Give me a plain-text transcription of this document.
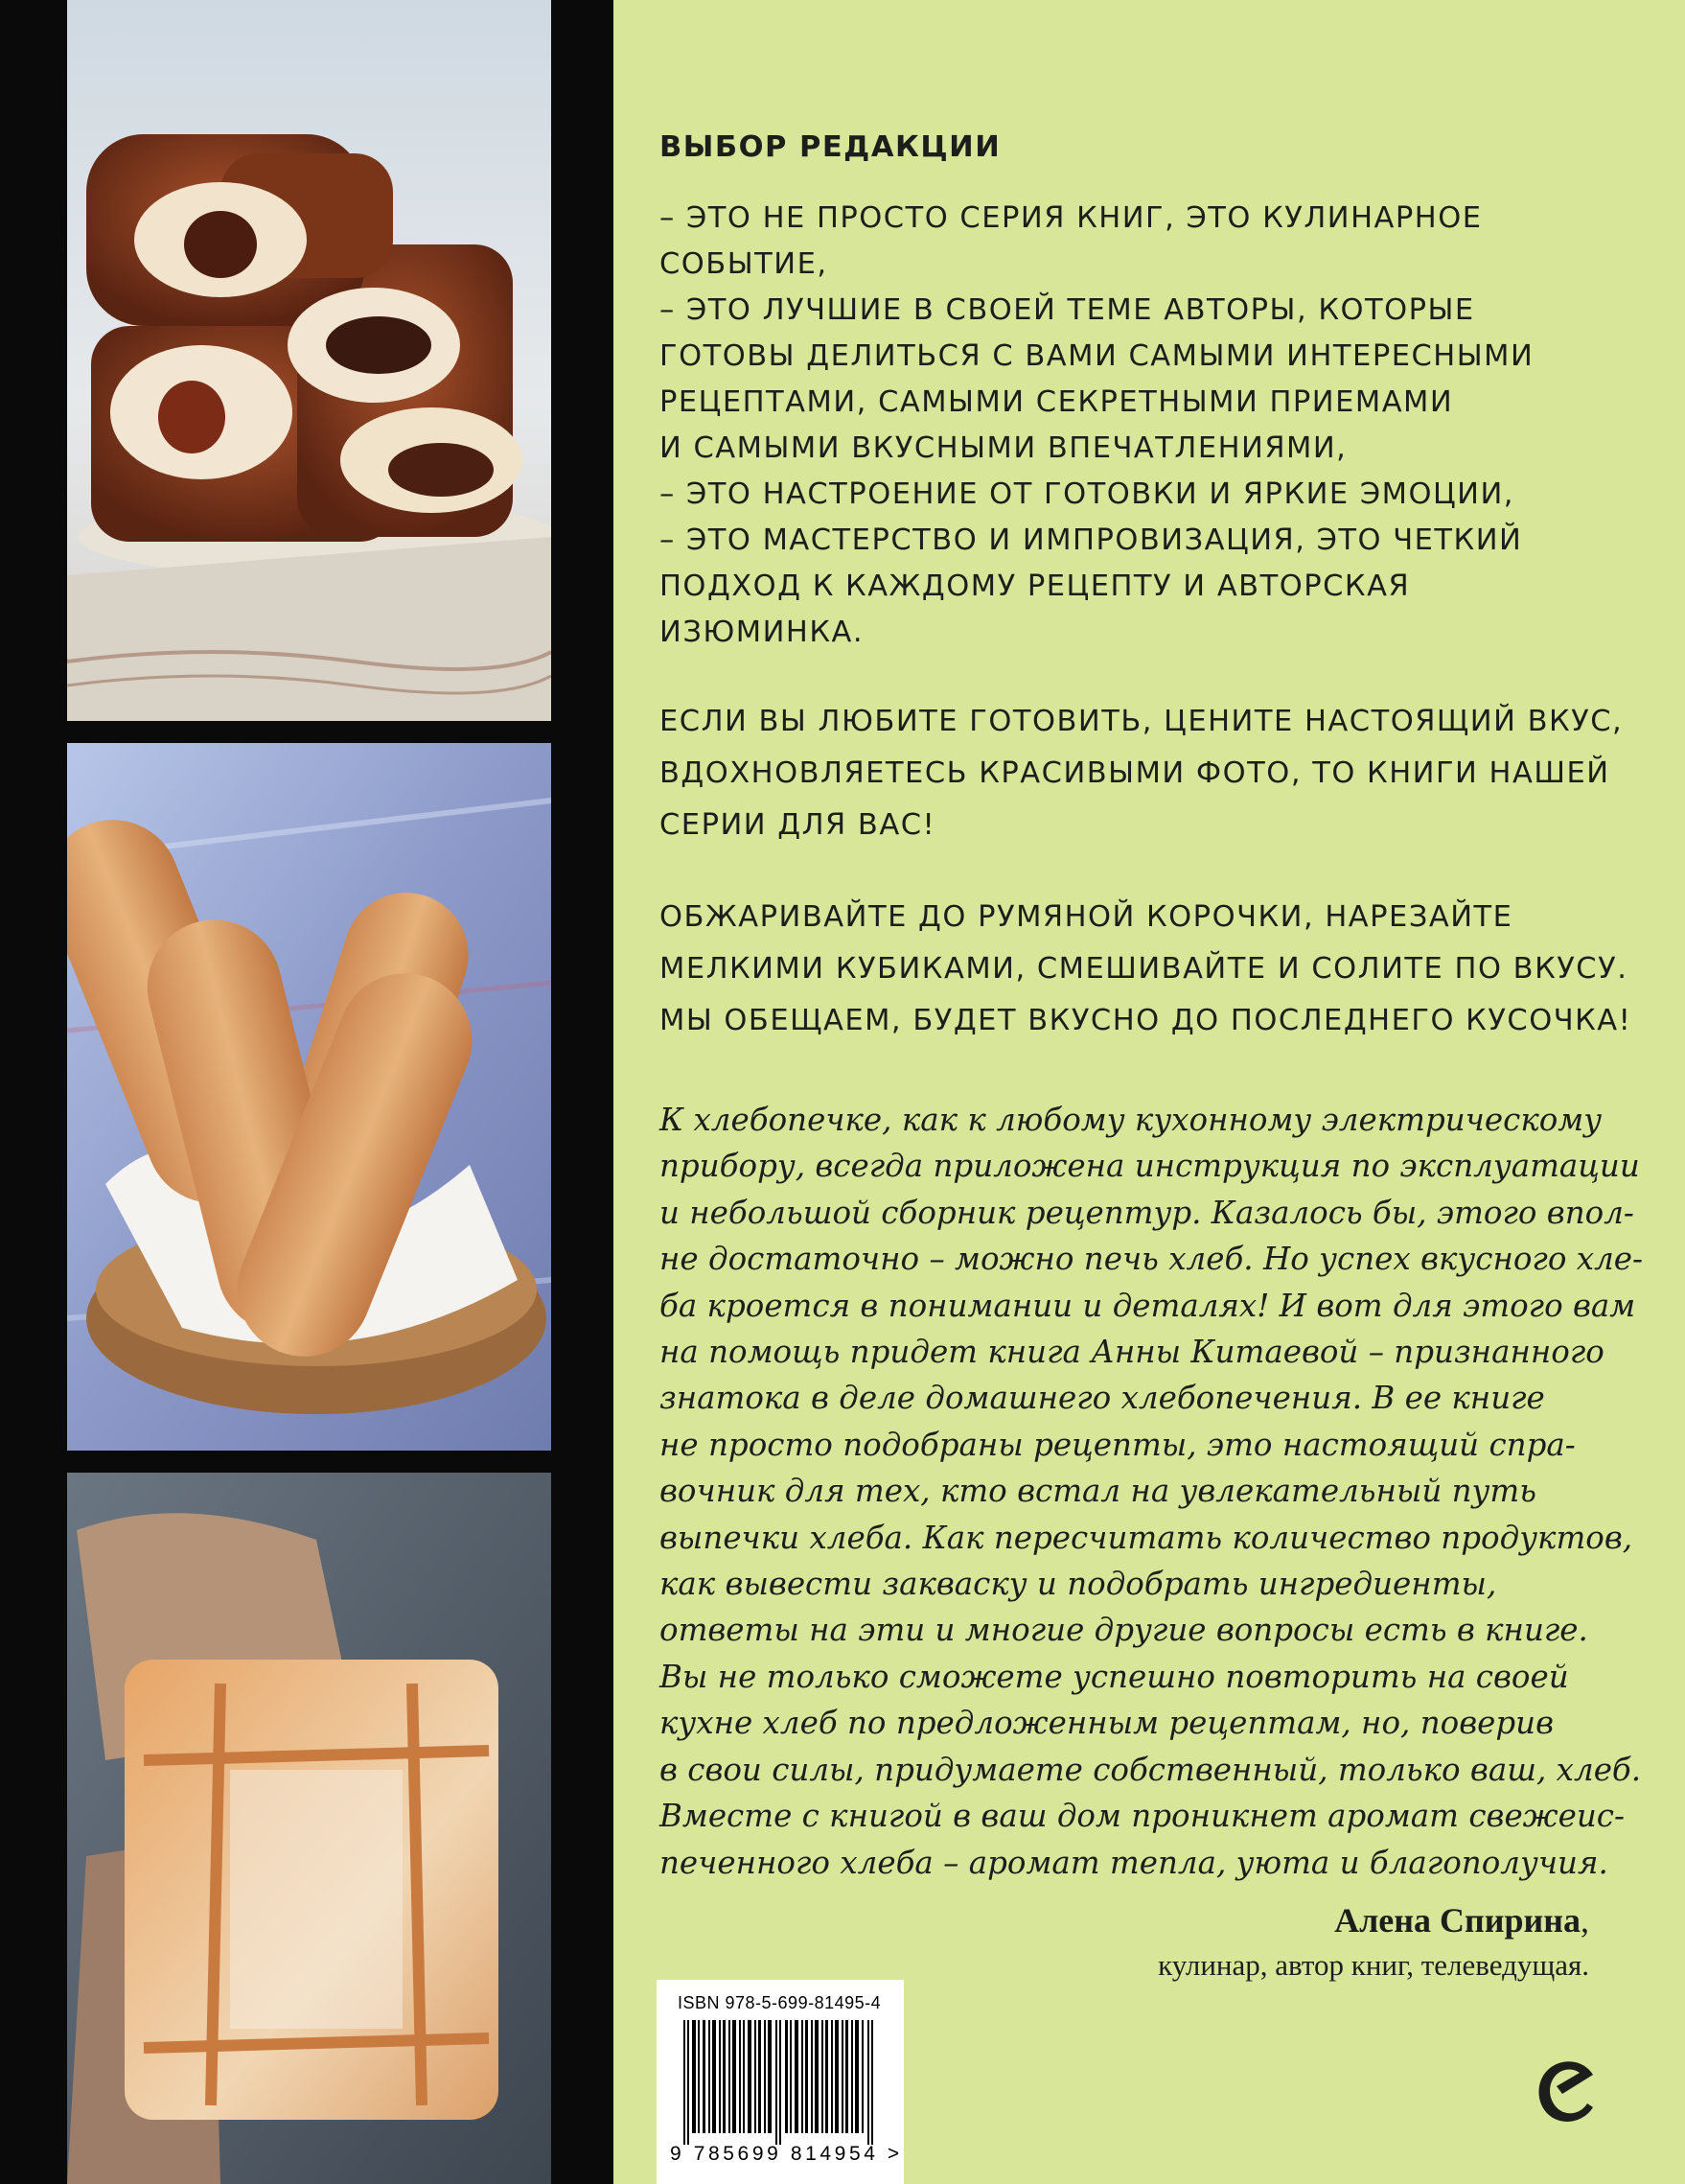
ВЫБОР РЕДАКЦИИ
– ЭТО НЕ ПРОСТО СЕРИЯ КНИГ, ЭТО КУЛИНАРНОЕ
СОБЫТИЕ,
– ЭТО ЛУЧШИЕ В СВОЕЙ ТЕМЕ АВТОРЫ, КОТОРЫЕ
ГОТОВЫ ДЕЛИТЬСЯ С ВАМИ САМЫМИ ИНТЕРЕСНЫМИ
РЕЦЕПТАМИ, САМЫМИ СЕКРЕТНЫМИ ПРИЕМАМИ
И САМЫМИ ВКУСНЫМИ ВПЕЧАТЛЕНИЯМИ,
– ЭТО НАСТРОЕНИЕ ОТ ГОТОВКИ И ЯРКИЕ ЭМОЦИИ,
– ЭТО МАСТЕРСТВО И ИМПРОВИЗАЦИЯ, ЭТО ЧЕТКИЙ
ПОДХОД К КАЖДОМУ РЕЦЕПТУ И АВТОРСКАЯ
ИЗЮМИНКА.
ЕСЛИ ВЫ ЛЮБИТЕ ГОТОВИТЬ, ЦЕНИТЕ НАСТОЯЩИЙ ВКУС,
ВДОХНОВЛЯЕТЕСЬ КРАСИВЫМИ ФОТО, ТО КНИГИ НАШЕЙ
СЕРИИ ДЛЯ ВАС!
ОБЖАРИВАЙТЕ ДО РУМЯНОЙ КОРОЧКИ, НАРЕЗАЙТЕ
МЕЛКИМИ КУБИКАМИ, СМЕШИВАЙТЕ И СОЛИТЕ ПО ВКУСУ.
МЫ ОБЕЩАЕМ, БУДЕТ ВКУСНО ДО ПОСЛЕДНЕГО КУСОЧКА!
К хлебопечке, как к любому кухонному электрическому
прибору, всегда приложена инструкция по эксплуатации
и небольшой сборник рецептур. Казалось бы, этого впол-
не достаточно – можно печь хлеб. Но успех вкусного хле-
ба кроется в понимании и деталях! И вот для этого вам
на помощь придет книга Анны Китаевой – признанного
знатока в деле домашнего хлебопечения. В ее книге
не просто подобраны рецепты, это настоящий спра-
вочник для тех, кто встал на увлекательный путь
выпечки хлеба. Как пересчитать количество продуктов,
как вывести закваску и подобрать ингредиенты,
ответы на эти и многие другие вопросы есть в книге.
Вы не только сможете успешно повторить на своей
кухне хлеб по предложенным рецептам, но, поверив
в свои силы, придумаете собственный, только ваш, хлеб.
Вместе с книгой в ваш дом проникнет аромат свежеис-
печенного хлеба – аромат тепла, уюта и благополучия.
Алена Спирина,
кулинар, автор книг, телеведущая.
ISBN 978-5-699-81495-4
9 785699 814954 >
